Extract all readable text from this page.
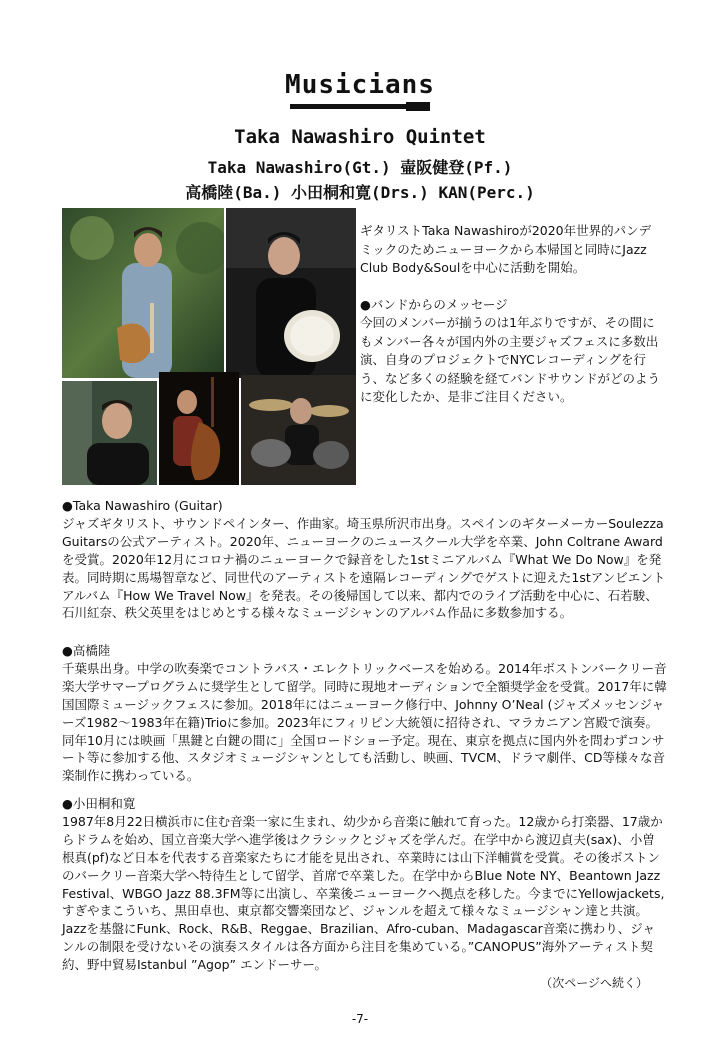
Musicians
Taka Nawashiro Quintet
Taka Nawashiro(Gt.) 壷阪健登(Pf.)
高橋陸(Ba.) 小田桐和寛(Drs.) KAN(Perc.)

ギタリストTaka Nawashiroが2020年世界的パンデミックのためニューヨークから本帰国と同時にJazz Club Body&Soulを中心に活動を開始。

●バンドからのメッセージ

今回のメンバーが揃うのは1年ぶりですが、その間にもメンバー各々が国内外の主要ジャズフェスに多数出演、自身のプロジェクトでNYCレコーディングを行う、など多くの経験を経てバンドサウンドがどのように変化したか、是非ご注目ください。

●Taka Nawashiro (Guitar)

ジャズギタリスト、サウンドペインター、作曲家。埼玉県所沢市出身。スペインのギターメーカーSoulezza Guitarsの公式アーティスト。2020年、ニューヨークのニュースクール大学を卒業、John Coltrane Awardを受賞。2020年12月にコロナ禍のニューヨークで録音をした1stミニアルバム『What We Do Now』を発表。同時期に馬場智章など、同世代のアーティストを遠隔レコーディングでゲストに迎えた1stアンビエントアルバム『How We Travel Now』を発表。その後帰国して以来、都内でのライブ活動を中心に、石若駿、石川紅奈、秩父英里をはじめとする様々なミュージシャンのアルバム作品に多数参加する。

●高橋陸

千葉県出身。中学の吹奏楽でコントラバス・エレクトリックベースを始める。2014年ボストンバークリー音楽大学サマープログラムに奨学生として留学。同時に現地オーディションで全額奨学金を受賞。2017年に韓国国際ミュージックフェスに参加。2018年にはニューヨーク修行中、Johnny O’Neal (ジャズメッセンジャーズ1982～1983年在籍)Trioに参加。2023年にフィリピン大統領に招待され、マラカニアン宮殿で演奏。同年10月には映画「黒鍵と白鍵の間に」全国ロードショー予定。現在、東京を拠点に国内外を問わずコンサート等に参加する他、スタジオミュージシャンとしても活動し、映画、TVCM、ドラマ劇伴、CD等様々な音楽制作に携わっている。

●小田桐和寛

1987年8月22日横浜市に住む音楽一家に生まれ、幼少から音楽に触れて育った。12歳から打楽器、17歳からドラムを始め、国立音楽大学へ進学後はクラシックとジャズを学んだ。在学中から渡辺貞夫(sax)、小曽根真(pf)など日本を代表する音楽家たちに才能を見出され、卒業時には山下洋輔賞を受賞。その後ボストンのバークリー音楽大学へ特待生として留学、首席で卒業した。在学中からBlue Note NY、Beantown Jazz Festival、WBGO Jazz 88.3FM等に出演し、卒業後ニューヨークへ拠点を移した。今までにYellowjackets, すぎやまこういち、黒田卓也、東京都交響楽団など、ジャンルを超えて様々なミュージシャン達と共演。Jazzを基盤にFunk、Rock、R&B、Reggae、Brazilian、Afro-cuban、Madagascar音楽に携わり、ジャンルの制限を受けないその演奏スタイルは各方面から注目を集めている。”CANOPUS”海外アーティスト契約、野中貿易Istanbul ”Agop” エンドーサー。

（次ページへ続く）
-7-
